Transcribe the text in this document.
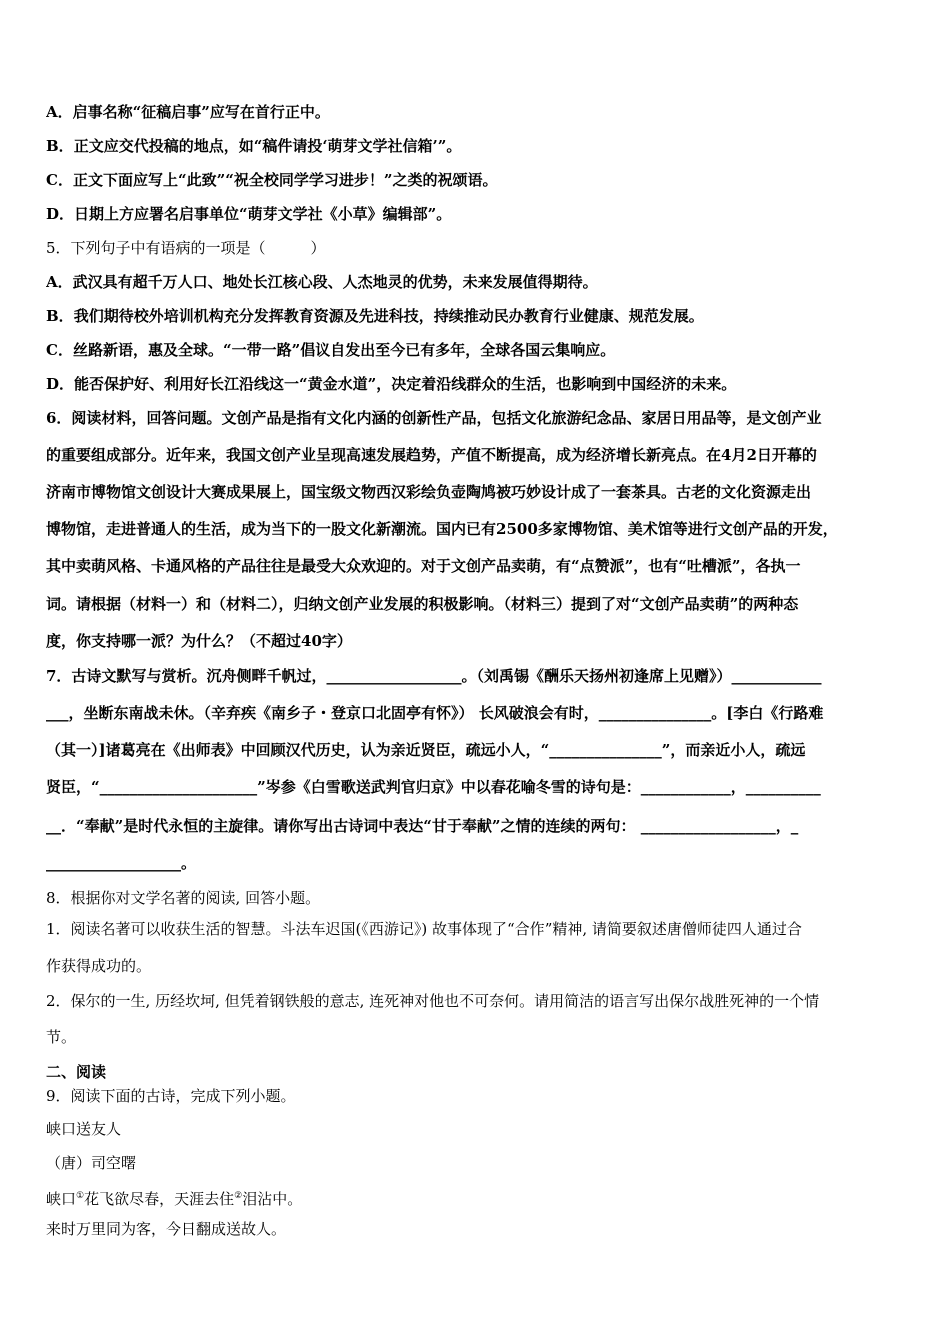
A．启事名称“征稿启事”应写在首行正中。
B．正文应交代投稿的地点，如“稿件请投‘萌芽文学社信箱’”。
C．正文下面应写上“此致”“祝全校同学学习进步！”之类的祝颂语。
D．日期上方应署名启事单位“萌芽文学社《小草》编辑部”。
5．下列句子中有语病的一项是（　　　）
A．武汉具有超千万人口、地处长江核心段、人杰地灵的优势，未来发展值得期待。
B．我们期待校外培训机构充分发挥教育资源及先进科技，持续推动民办教育行业健康、规范发展。
C．丝路新语，惠及全球。“一带一路”倡议自发出至今已有多年，全球各国云集响应。
D．能否保护好、利用好长江沿线这一“黄金水道”，决定着沿线群众的生活，也影响到中国经济的未来。
6．阅读材料，回答问题。文创产品是指有文化内涵的创新性产品，包括文化旅游纪念品、家居日用品等，是文创产业
的重要组成部分。近年来，我国文创产业呈现高速发展趋势，产值不断提高，成为经济增长新亮点。在4月2日开幕的
济南市博物馆文创设计大赛成果展上，国宝级文物西汉彩绘负壶陶鸠被巧妙设计成了一套茶具。古老的文化资源走出
博物馆，走进普通人的生活，成为当下的一股文化新潮流。国内已有2500多家博物馆、美术馆等进行文创产品的开发，
其中卖萌风格、卡通风格的产品往往是最受大众欢迎的。对于文创产品卖萌，有“点赞派”，也有“吐槽派”，各执一
词。请根据（材料一）和（材料二），归纳文创产业发展的积极影响。（材料三）提到了对“文创产品卖萌”的两种态
度，你支持哪一派？为什么？（不超过40字）
7．古诗文默写与赏析。沉舟侧畔千帆过，__________________。（刘禹锡《酬乐天扬州初逢席上见赠》）____________
___，坐断东南战未休。（辛弃疾《南乡子・登京口北固亭有怀》） 长风破浪会有时，_______________。[李白《行路难
（其一）]诸葛亮在《出师表》中回顾汉代历史，认为亲近贤臣，疏远小人，“_______________”，而亲近小人，疏远
贤臣，“_____________________”岑参《白雪歌送武判官归京》中以春花喻冬雪的诗句是：____________，__________
__．“奉献”是时代永恒的主旋律。请你写出古诗词中表达“甘于奉献”之情的连续的两句： __________________，_
__________________。
8．根据你对文学名著的阅读, 回答小题。
1．阅读名著可以收获生活的智慧。斗法车迟国(《西游记》) 故事体现了“合作”精神, 请简要叙述唐僧师徒四人通过合
作获得成功的。
2．保尔的一生, 历经坎坷, 但凭着钢铁般的意志, 连死神对他也不可奈何。请用简洁的语言写出保尔战胜死神的一个情
节。
二、阅读
9．阅读下面的古诗，完成下列小题。
峡口送友人
（唐）司空曙
峡口①花飞欲尽春，天涯去住②泪沾中。
来时万里同为客，今日翻成送故人。
